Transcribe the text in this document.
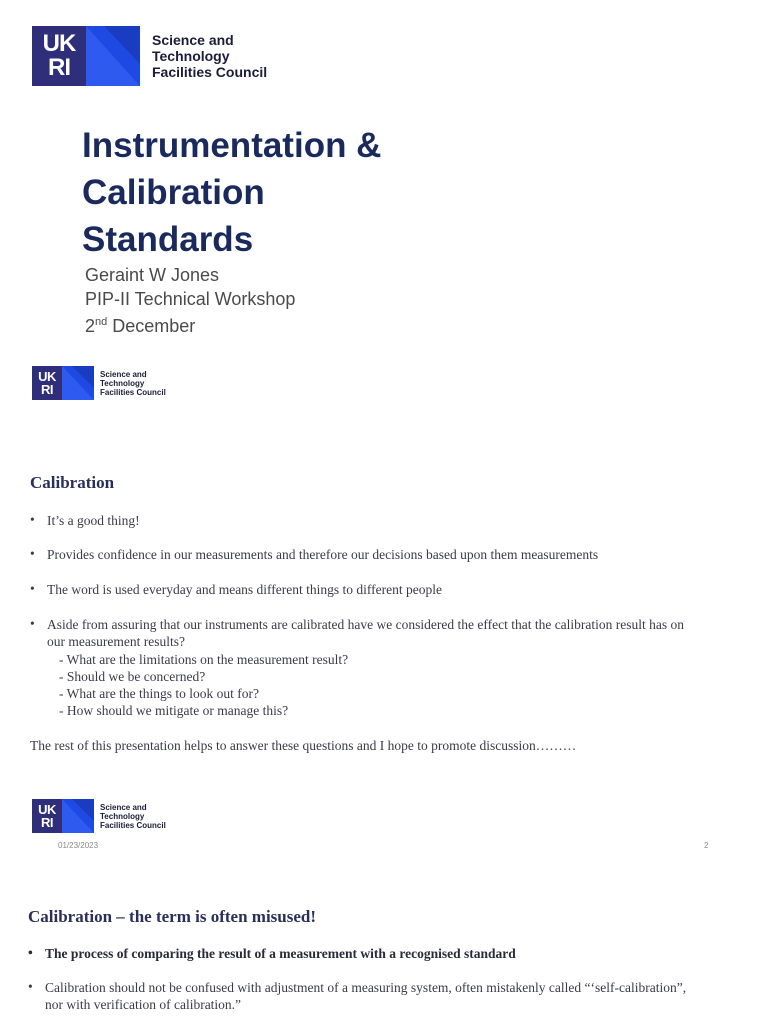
UK
RI
Science and
Technology
Facilities Council
Instrumentation &
Calibration
Standards
Geraint W Jones
PIP-II Technical Workshop
2nd December
UK
RI
Science and
Technology
Facilities Council
Calibration
• It’s a good thing!
• Provides confidence in our measurements and therefore our decisions based upon them measurements
• The word is used everyday and means different things to different people
• Aside from assuring that our instruments are calibrated have we considered the effect that the calibration result has on
our measurement results?
- What are the limitations on the measurement result?
- Should we be concerned?
- What are the things to look out for?
- How should we mitigate or manage this?
The rest of this presentation helps to answer these questions and I hope to promote discussion………
UK
RI
Science and
Technology
Facilities Council
01/23/2023	2
Calibration – the term is often misused!
• The process of comparing the result of a measurement with a recognised standard
• Calibration should not be confused with adjustment of a measuring system, often mistakenly called “‘self-calibration”,
nor with verification of calibration.”
